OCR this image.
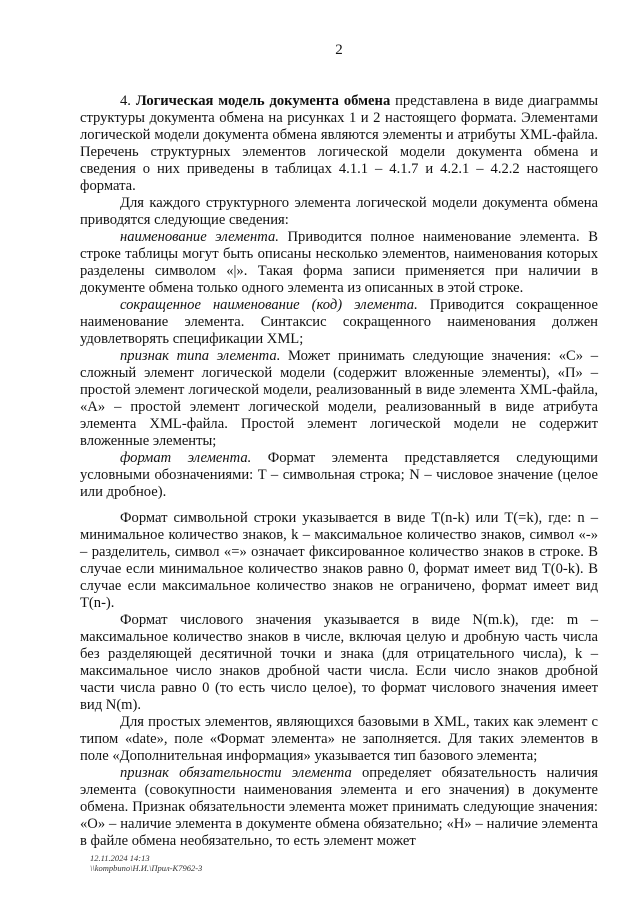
2

4. Логическая модель документа обмена представлена в виде диаграммы структуры документа обмена на рисунках 1 и 2 настоящего формата. Элементами логической модели документа обмена являются элементы и атрибуты XML-файла. Перечень структурных элементов логической модели документа обмена и сведения о них приведены в таблицах 4.1.1 – 4.1.7 и 4.2.1 – 4.2.2 настоящего формата.

Для каждого структурного элемента логической модели документа обмена приводятся следующие сведения:

наименование элемента. Приводится полное наименование элемента. В строке таблицы могут быть описаны несколько элементов, наименования которых разделены символом «|». Такая форма записи применяется при наличии в документе обмена только одного элемента из описанных в этой строке.

сокращенное наименование (код) элемента. Приводится сокращенное наименование элемента. Синтаксис сокращенного наименования должен удовлетворять спецификации XML;

признак типа элемента. Может принимать следующие значения: «С» – сложный элемент логической модели (содержит вложенные элементы), «П» – простой элемент логической модели, реализованный в виде элемента XML-файла, «А» – простой элемент логической модели, реализованный в виде атрибута элемента XML-файла. Простой элемент логической модели не содержит вложенные элементы;

формат элемента. Формат элемента представляется следующими условными обозначениями: T – символьная строка; N – числовое значение (целое или дробное).

Формат символьной строки указывается в виде T(n-k) или T(=k), где: n – минимальное количество знаков, k – максимальное количество знаков, символ «-» – разделитель, символ «=» означает фиксированное количество знаков в строке. В случае если минимальное количество знаков равно 0, формат имеет вид T(0-k). В случае если максимальное количество знаков не ограничено, формат имеет вид T(n-).

Формат числового значения указывается в виде N(m.k), где: m – максимальное количество знаков в числе, включая целую и дробную часть числа без разделяющей десятичной точки и знака (для отрицательного числа), k – максимальное число знаков дробной части числа. Если число знаков дробной части числа равно 0 (то есть число целое), то формат числового значения имеет вид N(m).

Для простых элементов, являющихся базовыми в XML, таких как элемент с типом «date», поле «Формат элемента» не заполняется. Для таких элементов в поле «Дополнительная информация» указывается тип базового элемента;

признак обязательности элемента определяет обязательность наличия элемента (совокупности наименования элемента и его значения) в документе обмена. Признак обязательности элемента может принимать следующие значения: «О» – наличие элемента в документе обмена обязательно; «Н» – наличие элемента в файле обмена необязательно, то есть элемент может

12.11.2024 14:13
\\kompbuno\Н.И.\Прил-К7962-3
